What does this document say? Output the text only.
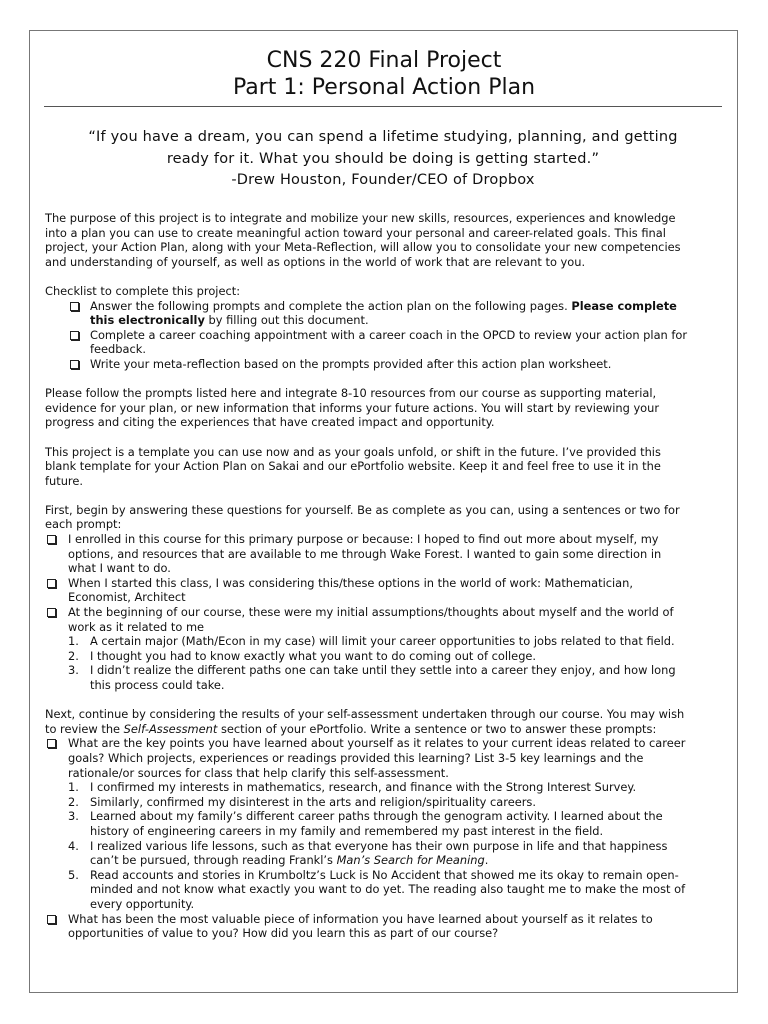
CNS 220 Final Project
Part 1: Personal Action Plan
“If you have a dream, you can spend a lifetime studying, planning, and getting
ready for it. What you should be doing is getting started.”
-Drew Houston, Founder/CEO of Dropbox

The purpose of this project is to integrate and mobilize your new skills, resources, experiences and knowledge
into a plan you can use to create meaningful action toward your personal and career-related goals. This final
project, your Action Plan, along with your Meta-Reflection, will allow you to consolidate your new competencies
and understanding of yourself, as well as options in the world of work that are relevant to you.

Checklist to complete this project:
Answer the following prompts and complete the action plan on the following pages. Please complete
this electronically by filling out this document.
Complete a career coaching appointment with a career coach in the OPCD to review your action plan for
feedback.
Write your meta-reflection based on the prompts provided after this action plan worksheet.

Please follow the prompts listed here and integrate 8-10 resources from our course as supporting material,
evidence for your plan, or new information that informs your future actions. You will start by reviewing your
progress and citing the experiences that have created impact and opportunity.

This project is a template you can use now and as your goals unfold, or shift in the future. I’ve provided this
blank template for your Action Plan on Sakai and our ePortfolio website. Keep it and feel free to use it in the
future.

First, begin by answering these questions for yourself. Be as complete as you can, using a sentences or two for
each prompt:
I enrolled in this course for this primary purpose or because: I hoped to find out more about myself, my
options, and resources that are available to me through Wake Forest. I wanted to gain some direction in
what I want to do.
When I started this class, I was considering this/these options in the world of work: Mathematician,
Economist, Architect
At the beginning of our course, these were my initial assumptions/thoughts about myself and the world of
work as it related to me
1. A certain major (Math/Econ in my case) will limit your career opportunities to jobs related to that field.
2. I thought you had to know exactly what you want to do coming out of college.
3. I didn’t realize the different paths one can take until they settle into a career they enjoy, and how long
this process could take.
Next, continue by considering the results of your self-assessment undertaken through our course. You may wish
to review the Self-Assessment section of your ePortfolio. Write a sentence or two to answer these prompts:
What are the key points you have learned about yourself as it relates to your current ideas related to career
goals? Which projects, experiences or readings provided this learning? List 3-5 key learnings and the
rationale/or sources for class that help clarify this self-assessment.
1. I confirmed my interests in mathematics, research, and finance with the Strong Interest Survey.
2. Similarly, confirmed my disinterest in the arts and religion/spirituality careers.
3. Learned about my family’s different career paths through the genogram activity. I learned about the
history of engineering careers in my family and remembered my past interest in the field.
4. I realized various life lessons, such as that everyone has their own purpose in life and that happiness
can’t be pursued, through reading Frankl’s Man’s Search for Meaning.
5. Read accounts and stories in Krumboltz’s Luck is No Accident that showed me its okay to remain open-
minded and not know what exactly you want to do yet. The reading also taught me to make the most of
every opportunity.
What has been the most valuable piece of information you have learned about yourself as it relates to
opportunities of value to you? How did you learn this as part of our course?
